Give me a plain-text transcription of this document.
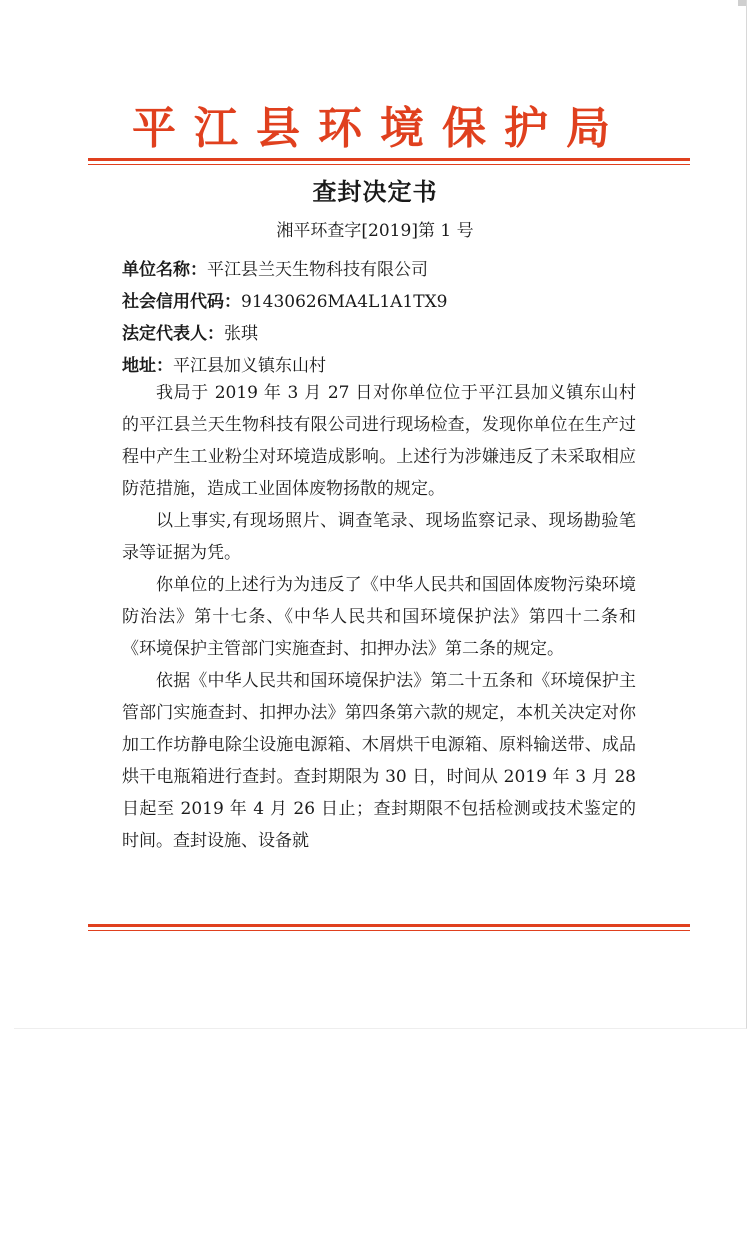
平江县环境保护局
查封决定书
湘平环查字[2019]第 1 号
单位名称：平江县兰天生物科技有限公司
社会信用代码：91430626MA4L1A1TX9
法定代表人：张琪
地址：平江县加义镇东山村

我局于 2019 年 3 月 27 日对你单位位于平江县加义镇东山村的平江县兰天生物科技有限公司进行现场检查，发现你单位在生产过程中产生工业粉尘对环境造成影响。上述行为涉嫌违反了未采取相应防范措施，造成工业固体废物扬散的规定。

以上事实,有现场照片、调查笔录、现场监察记录、现场勘验笔录等证据为凭。

你单位的上述行为为违反了《中华人民共和国固体废物污染环境防治法》第十七条、《中华人民共和国环境保护法》第四十二条和《环境保护主管部门实施查封、扣押办法》第二条的规定。

依据《中华人民共和国环境保护法》第二十五条和《环境保护主管部门实施查封、扣押办法》第四条第六款的规定，本机关决定对你加工作坊静电除尘设施电源箱、木屑烘干电源箱、原料输送带、成品烘干电瓶箱进行查封。查封期限为 30 日，时间从 2019 年 3 月 28 日起至 2019 年 4 月 26 日止；查封期限不包括检测或技术鉴定的时间。查封设施、设备就
